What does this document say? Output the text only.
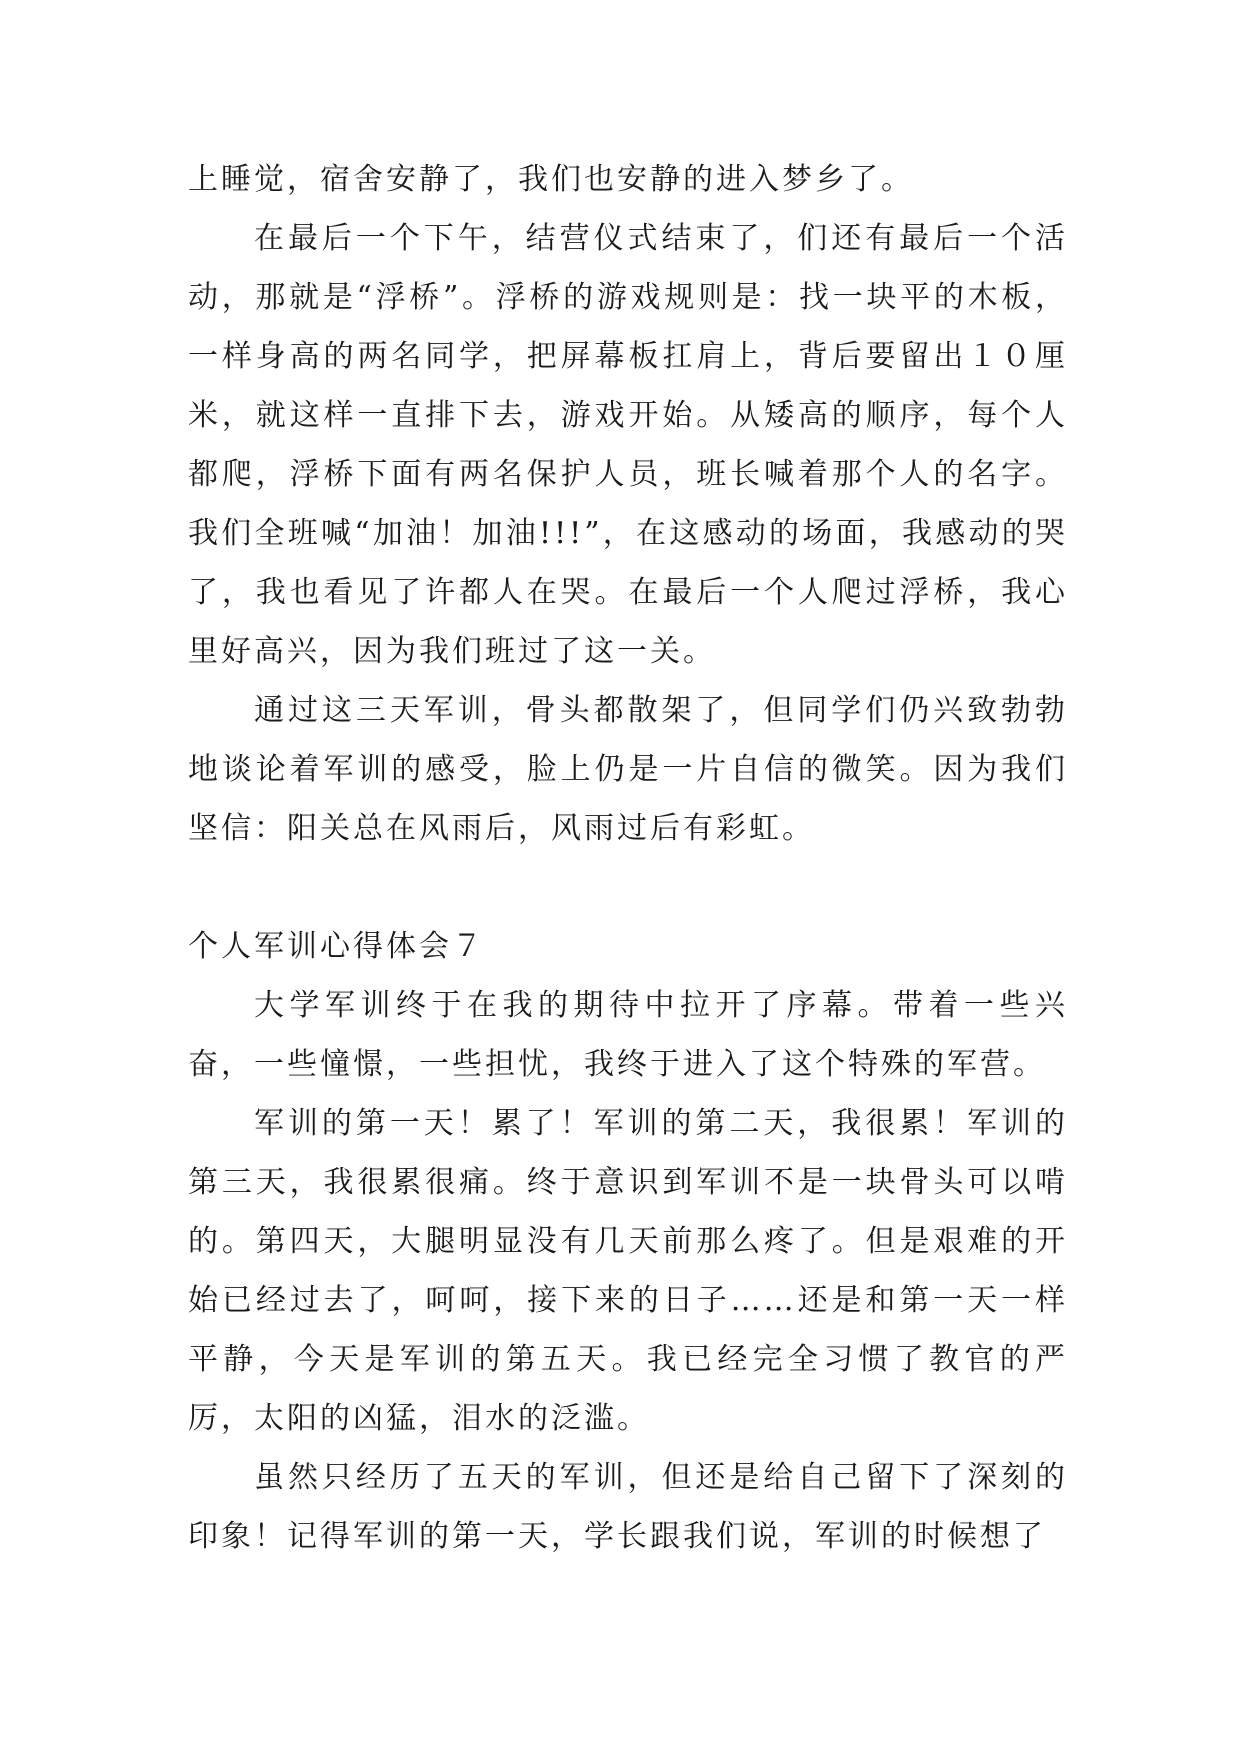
上睡觉，宿舍安静了，我们也安静的进入梦乡了。

在最后一个下午，结营仪式结束了，们还有最后一个活动，那就是“浮桥”。浮桥的游戏规则是：找一块平的木板，一样身高的两名同学，把屏幕板扛肩上，背后要留出１０厘米，就这样一直排下去，游戏开始。从矮高的顺序，每个人都爬，浮桥下面有两名保护人员，班长喊着那个人的名字。我们全班喊“加油！加油!!!”，在这感动的场面，我感动的哭了，我也看见了许都人在哭。在最后一个人爬过浮桥，我心里好高兴，因为我们班过了这一关。

通过这三天军训，骨头都散架了，但同学们仍兴致勃勃地谈论着军训的感受，脸上仍是一片自信的微笑。因为我们坚信：阳关总在风雨后，风雨过后有彩虹。

个人军训心得体会７

大学军训终于在我的期待中拉开了序幕。带着一些兴奋，一些憧憬，一些担忧，我终于进入了这个特殊的军营。

军训的第一天！累了！军训的第二天，我很累！军训的第三天，我很累很痛。终于意识到军训不是一块骨头可以啃的。第四天，大腿明显没有几天前那么疼了。但是艰难的开始已经过去了，呵呵，接下来的日子……还是和第一天一样平静，今天是军训的第五天。我已经完全习惯了教官的严厉，太阳的凶猛，泪水的泛滥。

虽然只经历了五天的军训，但还是给自己留下了深刻的印象！记得军训的第一天，学长跟我们说，军训的时候想了
